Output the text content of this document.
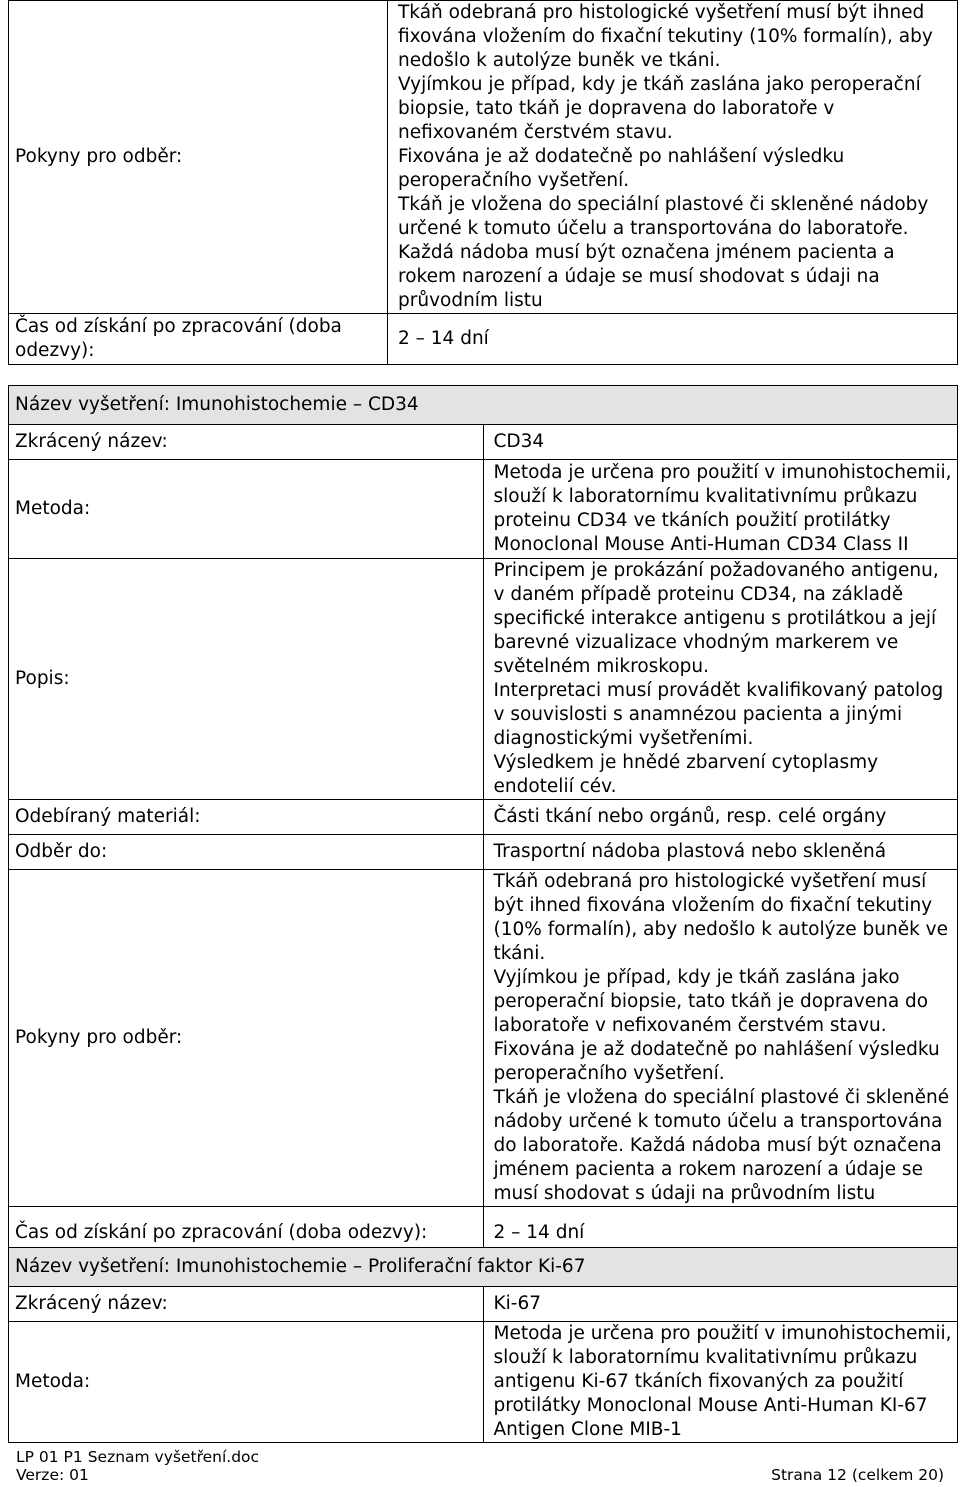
Pokyny pro odběr:	Tkáň odebraná pro histologické vyšetření musí být ihned fixována vložením do fixační tekutiny (10% formalín), aby nedošlo k autolýze buněk ve tkáni.
Vyjímkou je případ, kdy je tkáň zaslána jako peroperační biopsie, tato tkáň je dopravena do laboratoře v nefixovaném čerstvém stavu.
Fixována je až dodatečně po nahlášení výsledku peroperačního vyšetření.
Tkáň je vložena do speciální plastové či skleněné nádoby určené k tomuto účelu a transportována do laboratoře. Každá nádoba musí být označena jménem pacienta a rokem narození a údaje se musí shodovat s údaji na průvodním listu

Čas od získání po zpracování (doba odezvy):	2 – 14 dní
Název vyšetření: Imunohistochemie – CD34	
Zkrácený název:	CD34

Metoda:	Metoda je určena pro použití v imunohistochemii, slouží k laboratornímu kvalitativnímu průkazu proteinu CD34 ve tkáních použití protilátky Monoclonal Mouse Anti-Human CD34 Class II

Popis:	Principem je prokázání požadovaného antigenu, v daném případě proteinu CD34, na základě specifické interakce antigenu s protilátkou a její barevné vizualizace vhodným markerem ve světelném mikroskopu.
Interpretaci musí provádět kvalifikovaný patolog v souvislosti s anamnézou pacienta a jinými diagnostickými vyšetřeními.
Výsledkem je hnědé zbarvení cytoplasmy endotelií cév.

Odebíraný materiál:	Části tkání nebo orgánů, resp. celé orgány

Odběr do:	Trasportní nádoba plastová nebo skleněná

Pokyny pro odběr:	Tkáň odebraná pro histologické vyšetření musí být ihned fixována vložením do fixační tekutiny (10% formalín), aby nedošlo k autolýze buněk ve tkáni.
Vyjímkou je případ, kdy je tkáň zaslána jako peroperační biopsie, tato tkáň je dopravena do laboratoře v nefixovaném čerstvém stavu.
Fixována je až dodatečně po nahlášení výsledku peroperačního vyšetření.
Tkáň je vložena do speciální plastové či skleněné nádoby určené k tomuto účelu a transportována do laboratoře. Každá nádoba musí být označena jménem pacienta a rokem narození a údaje se musí shodovat s údaji na průvodním listu

Čas od získání po zpracování (doba odezvy):	2 – 14 dní
Název vyšetření: Imunohistochemie – Proliferační faktor Ki-67	
Zkrácený název:	Ki-67

Metoda:	Metoda je určena pro použití v imunohistochemii, slouží k laboratornímu kvalitativnímu průkazu antigenu Ki-67 tkáních fixovaných za použití protilátky Monoclonal Mouse Anti-Human KI-67 Antigen Clone MIB-1
LP 01 P1 Seznam vyšetření.doc
Verze: 01	Strana 12 (celkem 20)
